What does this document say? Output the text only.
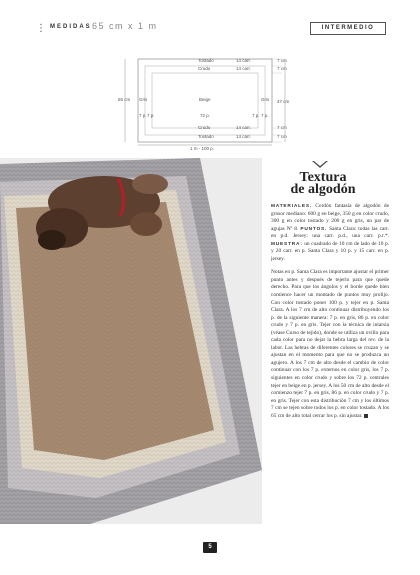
⋮ MEDIDAS 65 cm x 1 m	INTERMEDIO
Tostado	14 carr.	7 cm
Crudo	14 carr.	7 cm
65 cm Gris	Beige	Gris 47 cm
7 p. 7 p.	72 p.	7 p. 7 p.
Crudo	14 carr.	7 cm
Tostado	14 carr.	7 cm
1 m - 100 p.
Textura
de algodón

MATERIALES. Cordón fantasía de algodón de grosor mediano: 600 g en beige, 350 g en color crudo, 300 g en color tostado y 200 g en gris, un par de agujas Nº 8. PUNTOS. Santa Clara: todas las carr. en p.d. Jersey: una carr. p.d., una carr. p.r.*. MUESTRA: un cuadrado de 10 cm de lado de 10 p. y 20 carr. en p. Santa Clara y 10 p. y 15 carr. en p. jersey.

Notas en p. Santa Clara es importante ajustar el primer punto antes y después de tejerlo para que quede derecho. Para que los ángulos y el borde quede bien comience hacer un montado de puntos muy prolijo. Con color tostado poner 100 p. y tejer en p. Santa Clara. A los 7 cm de alto continuar distribuyendo los p. de la siguiente manera: 7 p. en gris, 86 p. en color crudo y 7 p. en gris. Tejer con la técnica de intarsia (véase Curso de tejido), donde se utiliza un ovillo para cada color para no dejar la hebra larga del rev. de la labor. Las hebras de diferentes colores se cruzan y se ajustan en el momento para que no se produzca un agujero. A los 7 cm de alto desde el cambio de color continuar con los 7 p. externos en color gris, los 7 p. siguientes en color crudo y sobre los 72 p. centrales tejer en beige en p. jersey. A los 50 cm de alto desde el comienzo tejer 7 p. en gris, 86 p. en color crudo y 7 p. en gris. Tejer con esta distribución 7 cm y los últimos 7 cm se tejen sobre todos los p. en color tostado. A los 65 cm de alto total cerrar los p. sin ajustar.

5
